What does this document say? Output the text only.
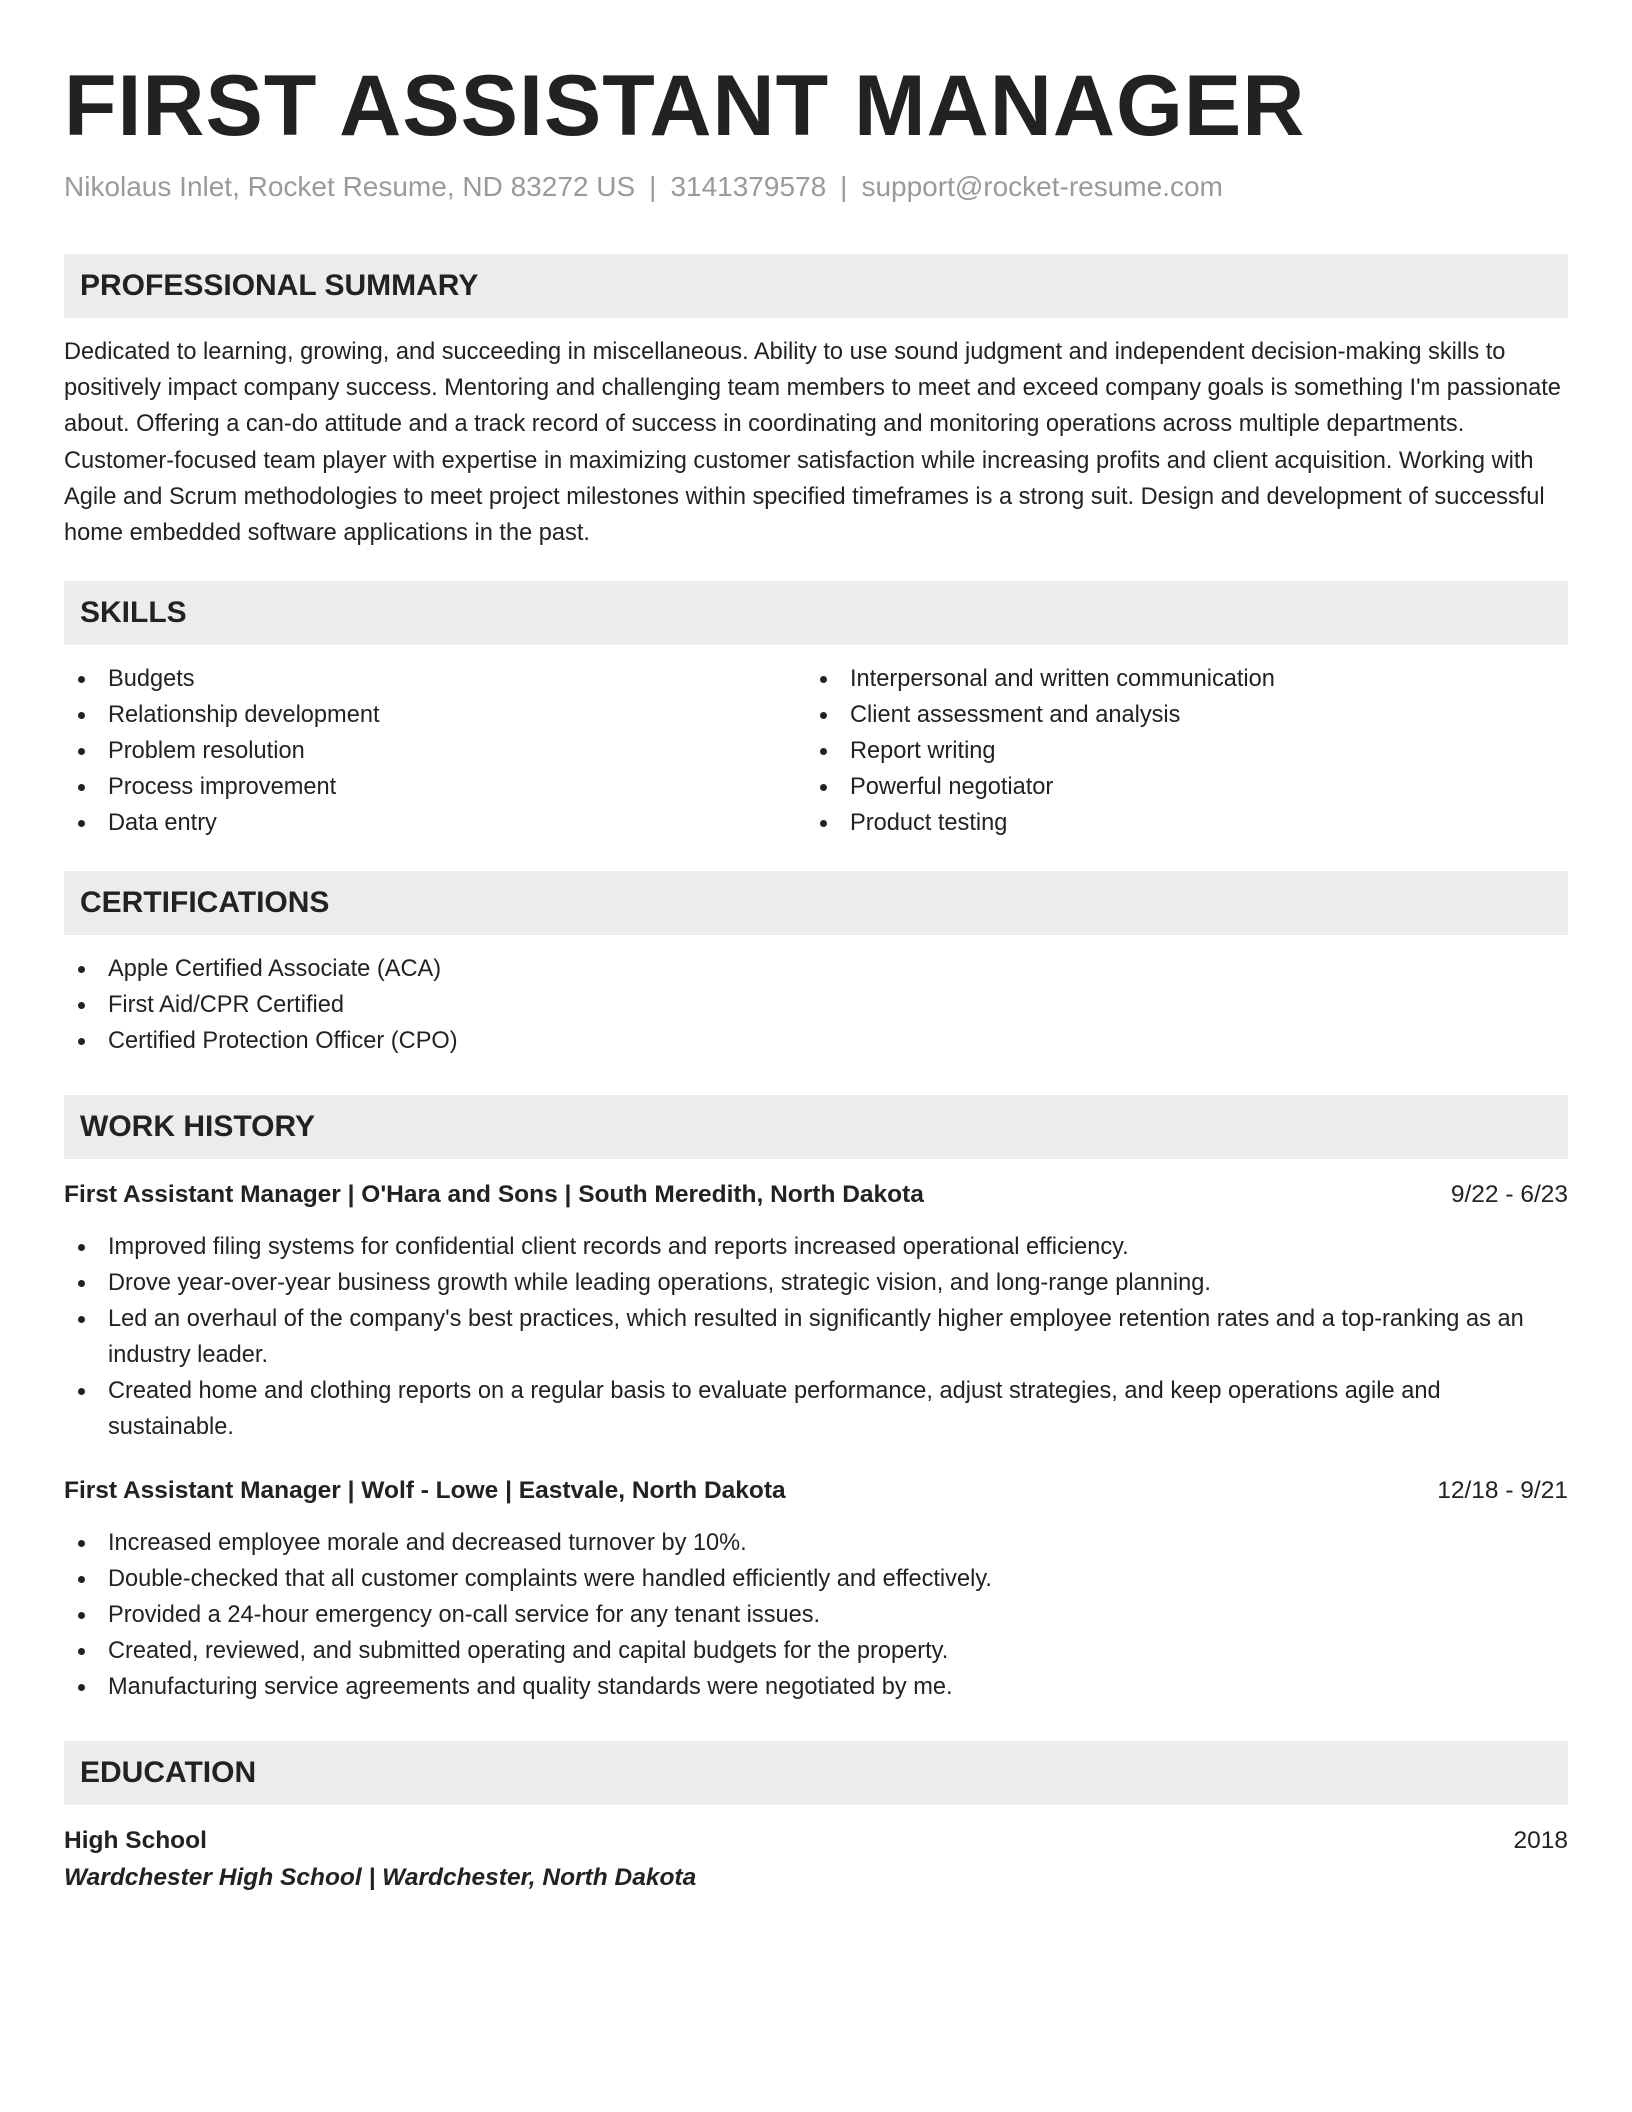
FIRST ASSISTANT MANAGER
Nikolaus Inlet, Rocket Resume, ND 83272 US | 3141379578 | support@rocket-resume.com
PROFESSIONAL SUMMARY
Dedicated to learning, growing, and succeeding in miscellaneous. Ability to use sound judgment and independent decision-making skills to positively impact company success. Mentoring and challenging team members to meet and exceed company goals is something I'm passionate about. Offering a can-do attitude and a track record of success in coordinating and monitoring operations across multiple departments. Customer-focused team player with expertise in maximizing customer satisfaction while increasing profits and client acquisition. Working with Agile and Scrum methodologies to meet project milestones within specified timeframes is a strong suit. Design and development of successful home embedded software applications in the past.
SKILLS
Budgets
Relationship development
Problem resolution
Process improvement
Data entry
Interpersonal and written communication
Client assessment and analysis
Report writing
Powerful negotiator
Product testing
CERTIFICATIONS
Apple Certified Associate (ACA)
First Aid/CPR Certified
Certified Protection Officer (CPO)
WORK HISTORY
First Assistant Manager | O'Hara and Sons | South Meredith, North Dakota	9/22 - 6/23
Improved filing systems for confidential client records and reports increased operational efficiency.
Drove year-over-year business growth while leading operations, strategic vision, and long-range planning.
Led an overhaul of the company's best practices, which resulted in significantly higher employee retention rates and a top-ranking as an industry leader.
Created home and clothing reports on a regular basis to evaluate performance, adjust strategies, and keep operations agile and sustainable.
First Assistant Manager | Wolf - Lowe | Eastvale, North Dakota	12/18 - 9/21
Increased employee morale and decreased turnover by 10%.
Double-checked that all customer complaints were handled efficiently and effectively.
Provided a 24-hour emergency on-call service for any tenant issues.
Created, reviewed, and submitted operating and capital budgets for the property.
Manufacturing service agreements and quality standards were negotiated by me.
EDUCATION
High School	2018
Wardchester High School | Wardchester, North Dakota
